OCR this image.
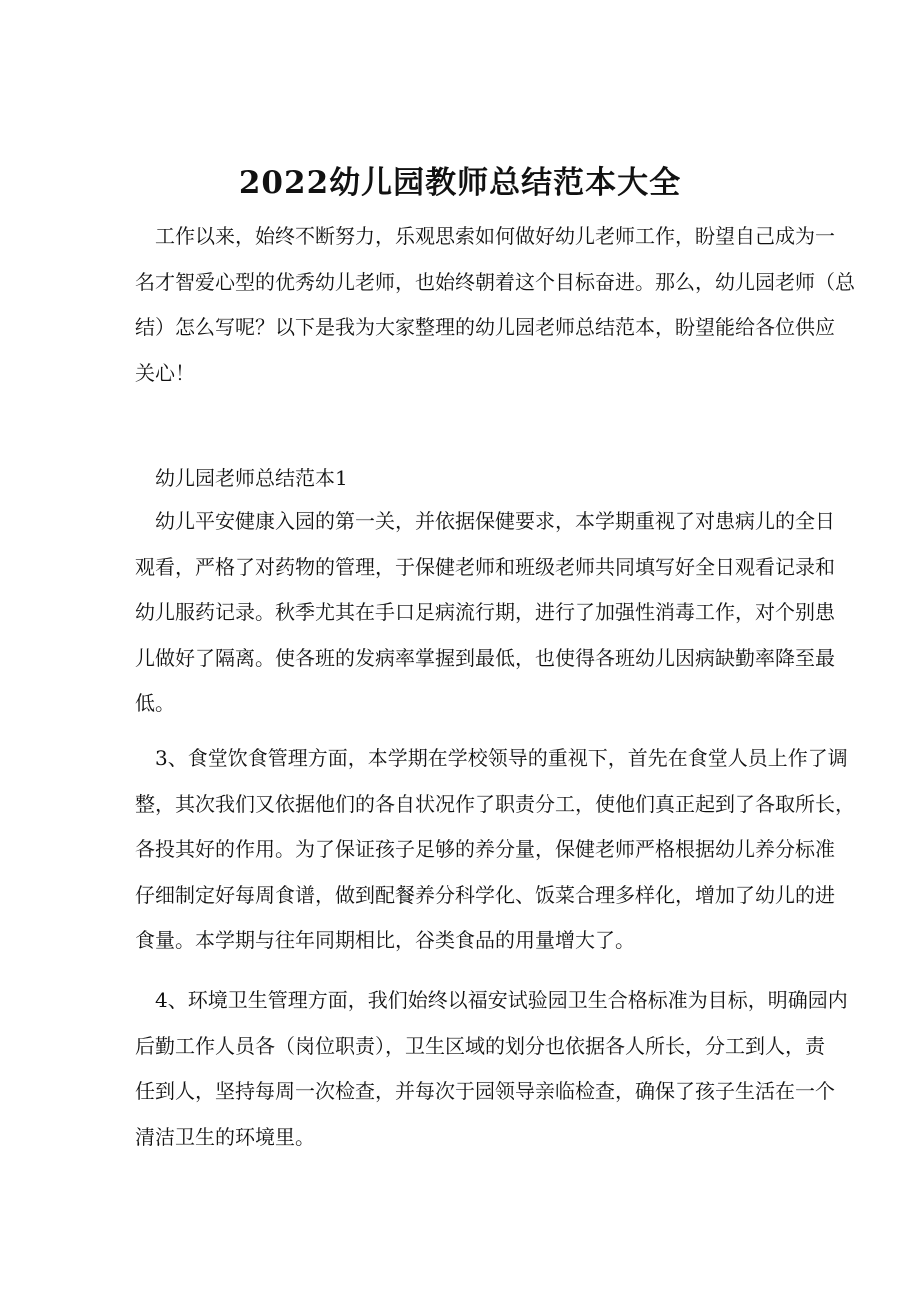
2022幼儿园教师总结范本大全

工作以来，始终不断努力，乐观思索如何做好幼儿老师工作，盼望自己成为一
名才智爱心型的优秀幼儿老师，也始终朝着这个目标奋进。那么，幼儿园老师（总
结）怎么写呢？以下是我为大家整理的幼儿园老师总结范本，盼望能给各位供应
关心！

幼儿园老师总结范本1

幼儿平安健康入园的第一关，并依据保健要求，本学期重视了对患病儿的全日
观看，严格了对药物的管理，于保健老师和班级老师共同填写好全日观看记录和
幼儿服药记录。秋季尤其在手口足病流行期，进行了加强性消毒工作，对个别患
儿做好了隔离。使各班的发病率掌握到最低，也使得各班幼儿因病缺勤率降至最
低。

3、食堂饮食管理方面，本学期在学校领导的重视下，首先在食堂人员上作了调
整，其次我们又依据他们的各自状况作了职责分工，使他们真正起到了各取所长，
各投其好的作用。为了保证孩子足够的养分量，保健老师严格根据幼儿养分标准
仔细制定好每周食谱，做到配餐养分科学化、饭菜合理多样化，增加了幼儿的进
食量。本学期与往年同期相比，谷类食品的用量增大了。

4、环境卫生管理方面，我们始终以福安试验园卫生合格标准为目标，明确园内
后勤工作人员各（岗位职责），卫生区域的划分也依据各人所长，分工到人，责
任到人，坚持每周一次检查，并每次于园领导亲临检查，确保了孩子生活在一个
清洁卫生的环境里。
